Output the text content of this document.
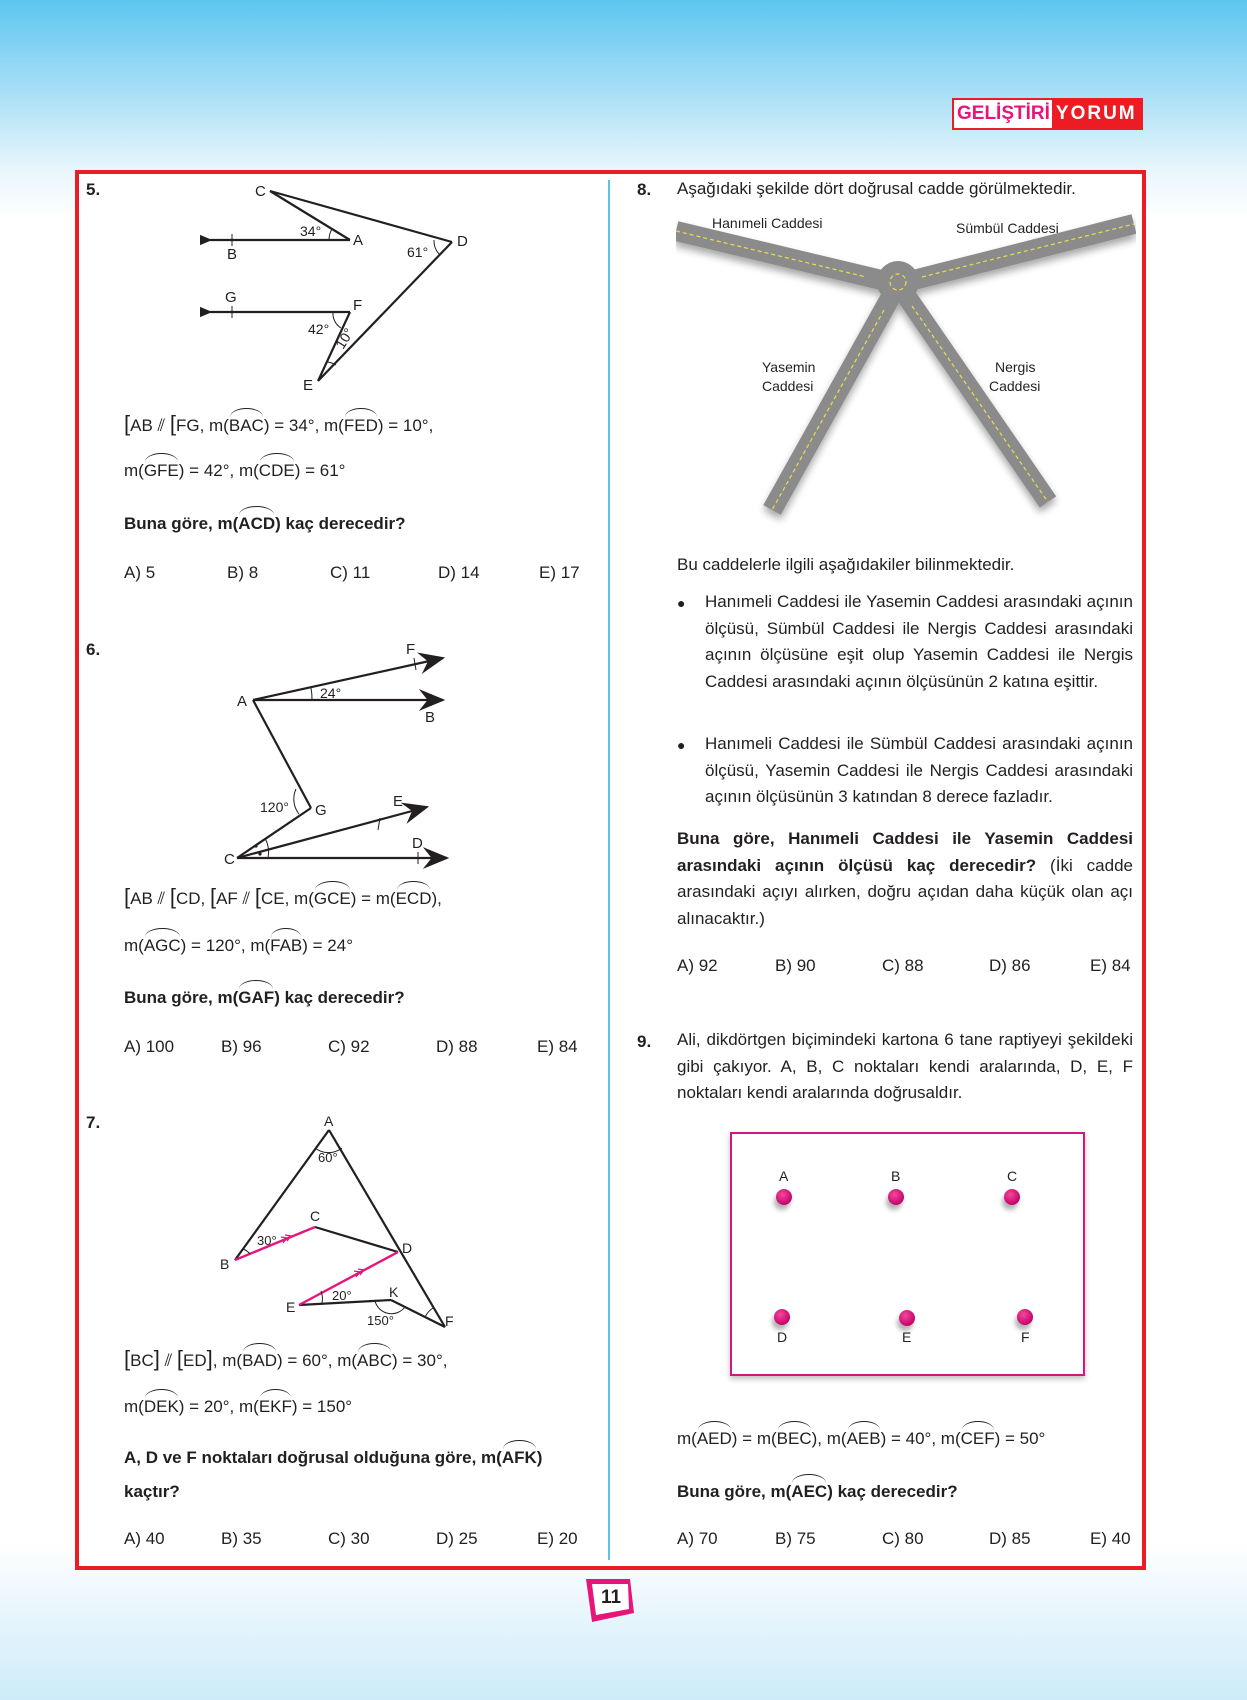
GELİŞTİRİ YORUM
5.	C
A
B
D
G	F
E
34°
61°
42° 10°
[AB ⫽ [FG, m(BAC) = 34°, m(FED) = 10°,
m(GFE) = 42°, m(CDE) = 61°
Buna göre, m(ACD) kaç derecedir?
A) 5	B) 8	C) 11	D) 14	E) 17
6.
A
F
B
G
E
D
C
24°
120°
[AB ⫽ [CD, [AF ⫽ [CE, m(GCE) = m(ECD),
m(AGC) = 120°, m(FAB) = 24°
Buna göre, m(GAF) kaç derecedir?
A) 100	B) 96	C) 92	D) 88	E) 84
7.	A
B
C
D
E
K
F
60°
30°
20°
150°
[BC] ⫽ [ED], m(BAD) = 60°, m(ABC) = 30°,
m(DEK) = 20°, m(EKF) = 150°
A, D ve F noktaları doğrusal olduğuna göre, m(AFK)
kaçtır?
A) 40	B) 35	C) 30	D) 25	E) 20
8. Aşağıdaki şekilde dört doğrusal cadde görülmektedir.
Hanımeli Caddesi	Sümbül Caddesi
Yasemin
Caddesi
Nergis
Caddesi
Bu caddelerle ilgili aşağıdakiler bilinmektedir.
●	Hanımeli Caddesi ile Yasemin Caddesi arasındaki açının ölçüsü, Sümbül Caddesi ile Nergis Caddesi arasındaki açının ölçüsüne eşit olup Yasemin Caddesi ile Nergis Caddesi arasındaki açının ölçüsünün 2 katına eşittir.
●	Hanımeli Caddesi ile Sümbül Caddesi arasındaki açının ölçüsü, Yasemin Caddesi ile Nergis Caddesi arasındaki açının ölçüsünün 3 katından 8 derece fazladır.
Buna göre, Hanımeli Caddesi ile Yasemin Caddesi arasındaki açının ölçüsü kaç derecedir? (İki cadde arasındaki açıyı alırken, doğru açıdan daha küçük olan açı alınacaktır.)
A) 92	B) 90	C) 88	D) 86	E) 84
9. Ali, dikdörtgen biçimindeki kartona 6 tane raptiyeyi şekildeki gibi çakıyor. A, B, C noktaları kendi aralarında, D, E, F noktaları kendi aralarında doğrusaldır.
A	B	C
D	E	F
m(AED) = m(BEC), m(AEB) = 40°, m(CEF) = 50°
Buna göre, m(AEC) kaç derecedir?
A) 70	B) 75	C) 80	D) 85	E) 40
11
